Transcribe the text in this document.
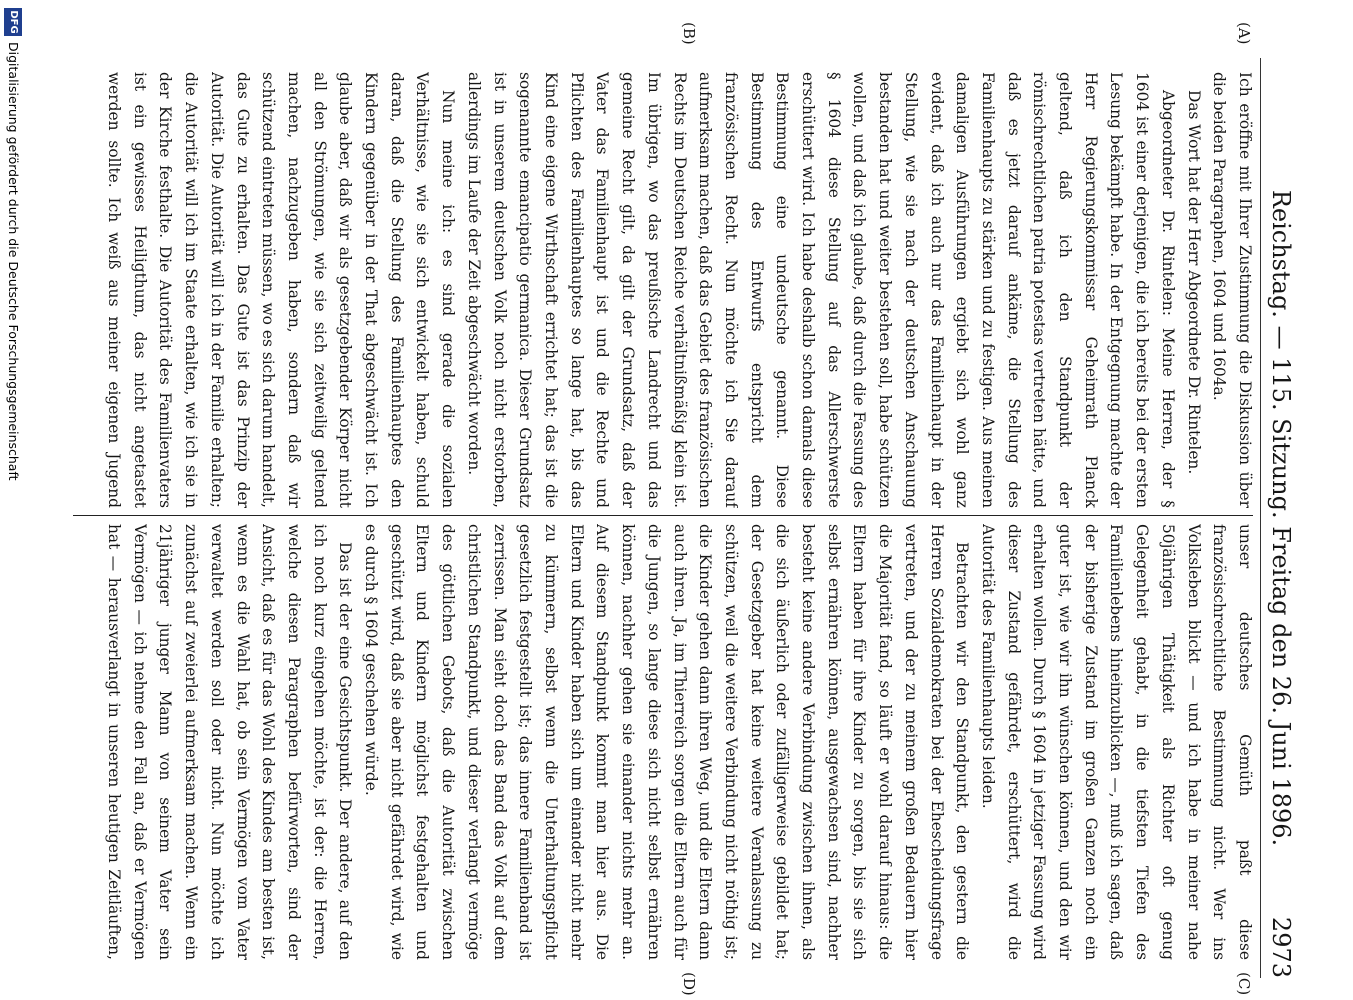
Reichstag. — 115. Sitzung. Freitag den 26. Juni 1896.
2973
(A)
(B)
(C)
(D)

Ich eröffne mit Ihrer Zustimmung die Diskussion über die beiden Paragraphen, 1604 und 1604a.

Das Wort hat der Herr Abgeordnete Dr. Rintelen.

Abgeordneter Dr. Rintelen: Meine Herren, der § 1604 ist einer derjenigen, die ich bereits bei der ersten Lesung bekämpft habe. In der Entgegnung machte der Herr Regierungskommissar Geheimrath Planck geltend, daß ich den Standpunkt der römischrechtlichen patria potestas vertreten hätte, und daß es jetzt darauf ankäme, die Stellung des Familienhaupts zu stärken und zu festigen. Aus meinen damaligen Ausführungen ergiebt sich wohl ganz evident, daß ich auch nur das Familienhaupt in der Stellung, wie sie nach der deutschen Anschauung bestanden hat und weiter bestehen soll, habe schützen wollen, und daß ich glaube, daß durch die Fassung des § 1604 diese Stellung auf das Allerschwerste erschüttert wird. Ich habe deshalb schon damals diese Bestimmung eine undeutsche genannt. Diese Bestimmung des Entwurfs entspricht dem französischen Recht. Nun möchte ich Sie darauf aufmerksam machen, daß das Gebiet des französischen Rechts im Deutschen Reiche verhältnißmäßig klein ist. Im übrigen, wo das preußische Landrecht und das gemeine Recht gilt, da gilt der Grundsatz, daß der Vater das Familienhaupt ist und die Rechte und Pflichten des Familienhauptes so lange hat, bis das Kind eine eigene Wirthschaft errichtet hat; das ist die sogenannte emancipatio germanica. Dieser Grundsatz ist in unserem deutschen Volk noch nicht erstorben, allerdings im Laufe der Zeit abgeschwächt worden.

Nun meine ich: es sind gerade die sozialen Verhältnisse, wie sie sich entwickelt haben, schuld daran, daß die Stellung des Familienhauptes den Kindern gegenüber in der That abgeschwächt ist. Ich glaube aber, daß wir als gesetzgebender Körper nicht all den Strömungen, wie sie sich zeitweilig geltend machen, nachzugeben haben, sondern daß wir schützend eintreten müssen, wo es sich darum handelt, das Gute zu erhalten. Das Gute ist das Prinzip der Autorität. Die Autorität will ich in der Familie erhalten; die Autorität will ich im Staate erhalten, wie ich sie in der Kirche festhalte. Die Autorität des Familienvaters ist ein gewisses Heiligthum, das nicht angetastet werden sollte. Ich weiß aus meiner eigenen Jugend

unser deutsches Gemüth paßt diese französischrechtliche Bestimmung nicht. Wer ins Volksleben blickt — und ich habe in meiner nahe 50jährigen Thätigkeit als Richter oft genug Gelegenheit gehabt, in die tiefsten Tiefen des Familienlebens hineinzublicken —, muß ich sagen, daß der bisherige Zustand im großen Ganzen noch ein guter ist, wie wir ihn wünschen können, und den wir erhalten wollen. Durch § 1604 in jetziger Fassung wird dieser Zustand gefährdet, erschüttert, wird die Autorität des Familienhaupts leiden.

Betrachten wir den Standpunkt, den gestern die Herren Sozialdemokraten bei der Ehescheidungsfrage vertreten, und der zu meinem großen Bedauern hier die Majorität fand, so läuft er wohl darauf hinaus: die Eltern haben für ihre Kinder zu sorgen, bis sie sich selbst ernähren können, ausgewachsen sind, nachher besteht keine andere Verbindung zwischen ihnen, als die sich äußerlich oder zufälligerweise gebildet hat; der Gesetzgeber hat keine weitere Veranlassung zu schützen, weil die weitere Verbindung nicht nöthig ist; die Kinder gehen dann ihren Weg, und die Eltern dann auch ihren. Ja, im Thierreich sorgen die Eltern auch für die Jungen, so lange diese sich nicht selbst ernähren können, nachher gehen sie einander nichts mehr an. Auf diesem Standpunkt kommt man hier aus. Die Eltern und Kinder haben sich um einander nicht mehr zu kümmern, selbst wenn die Unterhaltungspflicht gesetzlich festgestellt ist; das innere Familienband ist zerrissen. Man sieht doch das Band das Volk auf dem christlichen Standpunkt, und dieser verlangt vermöge des göttlichen Gebots, daß die Autorität zwischen Eltern und Kindern möglichst festgehalten und geschützt wird, daß sie aber nicht gefährdet wird, wie es durch § 1604 geschehen würde.

Das ist der eine Gesichtspunkt. Der andere, auf den ich noch kurz eingehen möchte, ist der: die Herren, welche diesen Paragraphen befürworten, sind der Ansicht, daß es für das Wohl des Kindes am besten ist, wenn es die Wahl hat, ob sein Vermögen vom Vater verwaltet werden soll oder nicht. Nun möchte ich zunächst auf zweierlei aufmerksam machen. Wenn ein 21jähriger junger Mann von seinem Vater sein Vermögen — ich nehme den Fall an, daß er Vermögen hat — herausverlangt in unseren heutigen Zeitläuften,

DFG
Digitalisierung gefördert durch die Deutsche Forschungsgemeinschaft
